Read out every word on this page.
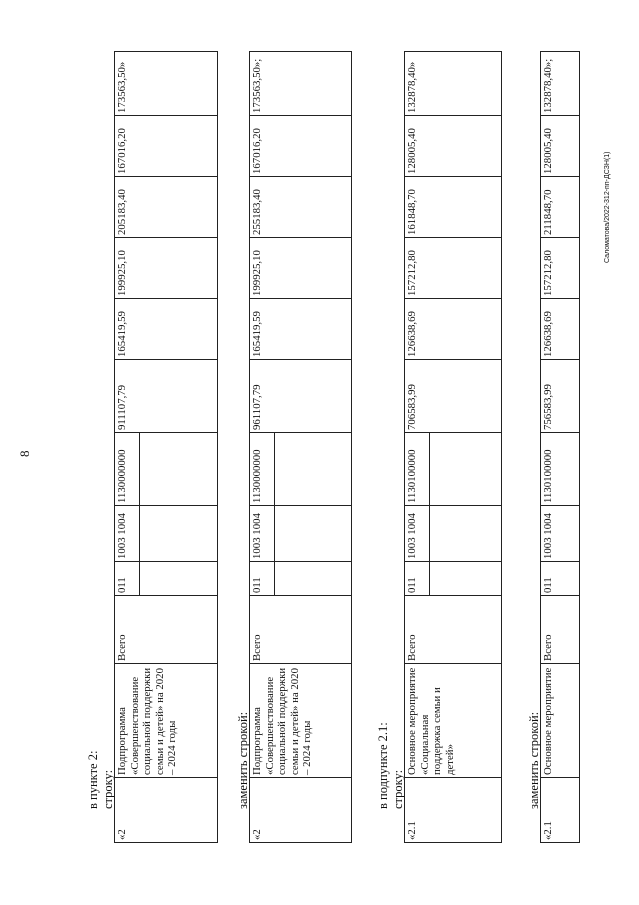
8
Саломатова/2022-312-пп-ДСЗН(1)
в пункте 2: строку:
«2	Подпрограмма «Совершенствование социальной поддержки семьи и детей» на 2020 – 2024 годы	Всего	011	1003 1004	1130000000	911107,79	165419,59	199925,10	205183,40	167016,20	173563,50»

заменить строкой:
«2	Подпрограмма «Совершенствование социальной поддержки семьи и детей» на 2020 – 2024 годы	Всего	011	1003 1004	1130000000	961107,79	165419,59	199925,10	255183,40	167016,20	173563,50»;

в подпункте 2.1: строку:
«2.1	Основное мероприятие «Социальная поддержка семьи и детей»	Всего	011	1003 1004	1130100000	706583,99	126638,69	157212,80	161848,70	128005,40	132878,40»

заменить строкой:
«2.1	Основное мероприятие	Всего	011	1003 1004	1130100000	756583,99	126638,69	157212,80	211848,70	128005,40	132878,40»;
